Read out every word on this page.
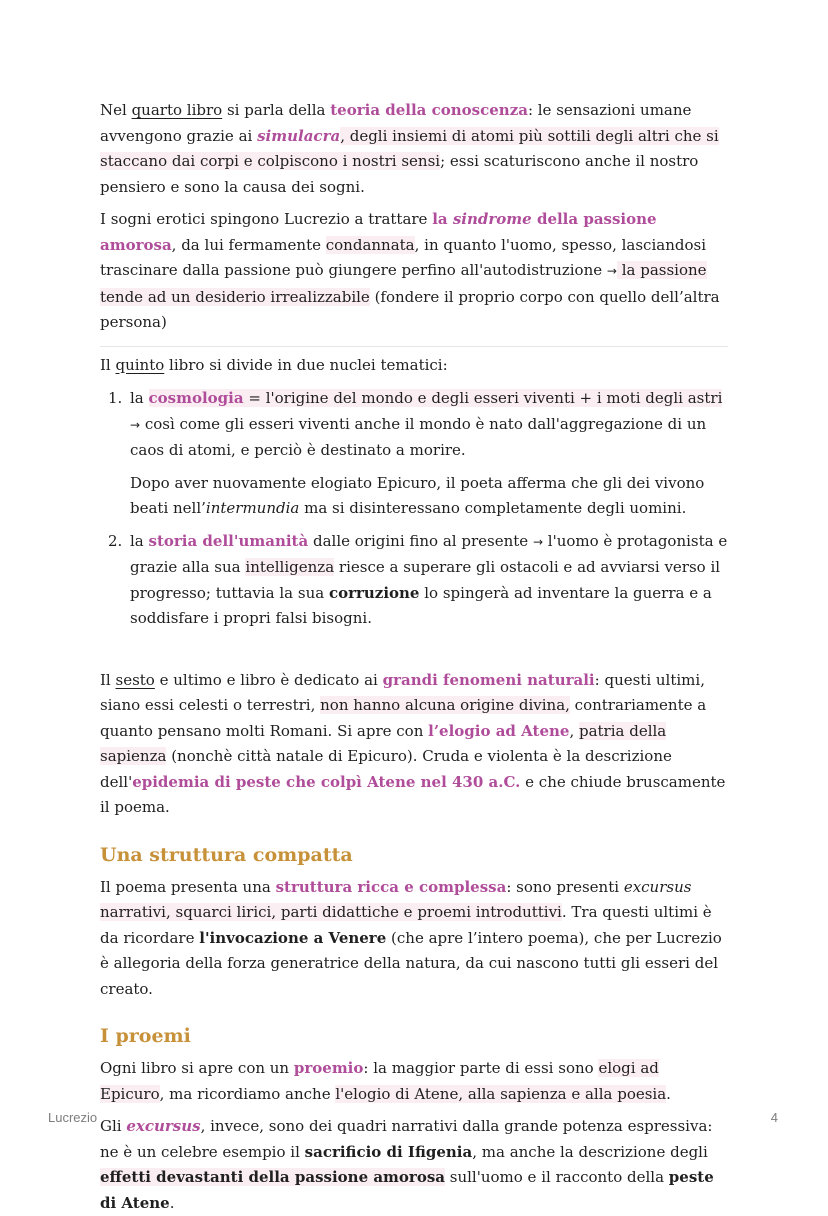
Nel quarto libro si parla della teoria della conoscenza: le sensazioni umane avvengono grazie ai simulacra, degli insiemi di atomi più sottili degli altri che si staccano dai corpi e colpiscono i nostri sensi; essi scaturiscono anche il nostro pensiero e sono la causa dei sogni.

I sogni erotici spingono Lucrezio a trattare la sindrome della passione amorosa, da lui fermamente condannata, in quanto l'uomo, spesso, lasciandosi trascinare dalla passione può giungere perfino all'autodistruzione → la passione tende ad un desiderio irrealizzabile (fondere il proprio corpo con quello dell’altra persona)

Il quinto libro si divide in due nuclei tematici:

1. la cosmologia = l'origine del mondo e degli esseri viventi + i moti degli astri → così come gli esseri viventi anche il mondo è nato dall'aggregazione di un caos di atomi, e perciò è destinato a morire.

Dopo aver nuovamente elogiato Epicuro, il poeta afferma che gli dei vivono beati nell’intermundia ma si disinteressano completamente degli uomini.

2. la storia dell'umanità dalle origini fino al presente → l'uomo è protagonista e grazie alla sua intelligenza riesce a superare gli ostacoli e ad avviarsi verso il progresso; tuttavia la sua corruzione lo spingerà ad inventare la guerra e a soddisfare i propri falsi bisogni.

Il sesto e ultimo e libro è dedicato ai grandi fenomeni naturali: questi ultimi, siano essi celesti o terrestri, non hanno alcuna origine divina, contrariamente a quanto pensano molti Romani. Si apre con l’elogio ad Atene, patria della sapienza (nonchè città natale di Epicuro). Cruda e violenta è la descrizione dell'epidemia di peste che colpì Atene nel 430 a.C. e che chiude bruscamente il poema.

Una struttura compatta

Il poema presenta una struttura ricca e complessa: sono presenti excursus narrativi, squarci lirici, parti didattiche e proemi introduttivi. Tra questi ultimi è da ricordare l'invocazione a Venere (che apre l’intero poema), che per Lucrezio è allegoria della forza generatrice della natura, da cui nascono tutti gli esseri del creato.

I proemi

Ogni libro si apre con un proemio: la maggior parte di essi sono elogi ad Epicuro, ma ricordiamo anche l'elogio di Atene, alla sapienza e alla poesia.

Gli excursus, invece, sono dei quadri narrativi dalla grande potenza espressiva: ne è un celebre esempio il sacrificio di Ifigenia, ma anche la descrizione degli effetti devastanti della passione amorosa sull'uomo e il racconto della peste di Atene.

Lucrezio	4
